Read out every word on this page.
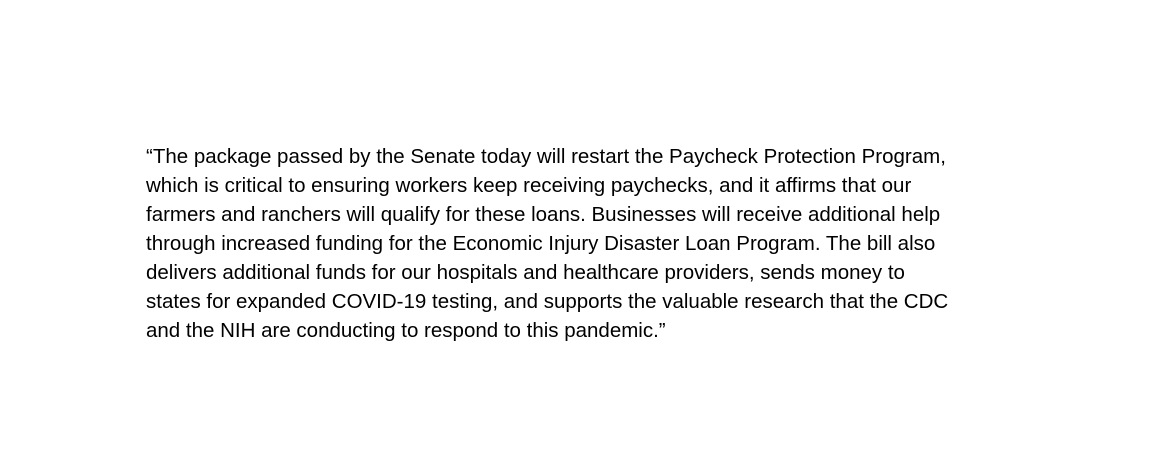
“The package passed by the Senate today will restart the Paycheck Protection Program,
which is critical to ensuring workers keep receiving paychecks, and it affirms that our
farmers and ranchers will qualify for these loans. Businesses will receive additional help
through increased funding for the Economic Injury Disaster Loan Program. The bill also
delivers additional funds for our hospitals and healthcare providers, sends money to
states for expanded COVID-19 testing, and supports the valuable research that the CDC
and the NIH are conducting to respond to this pandemic.”
